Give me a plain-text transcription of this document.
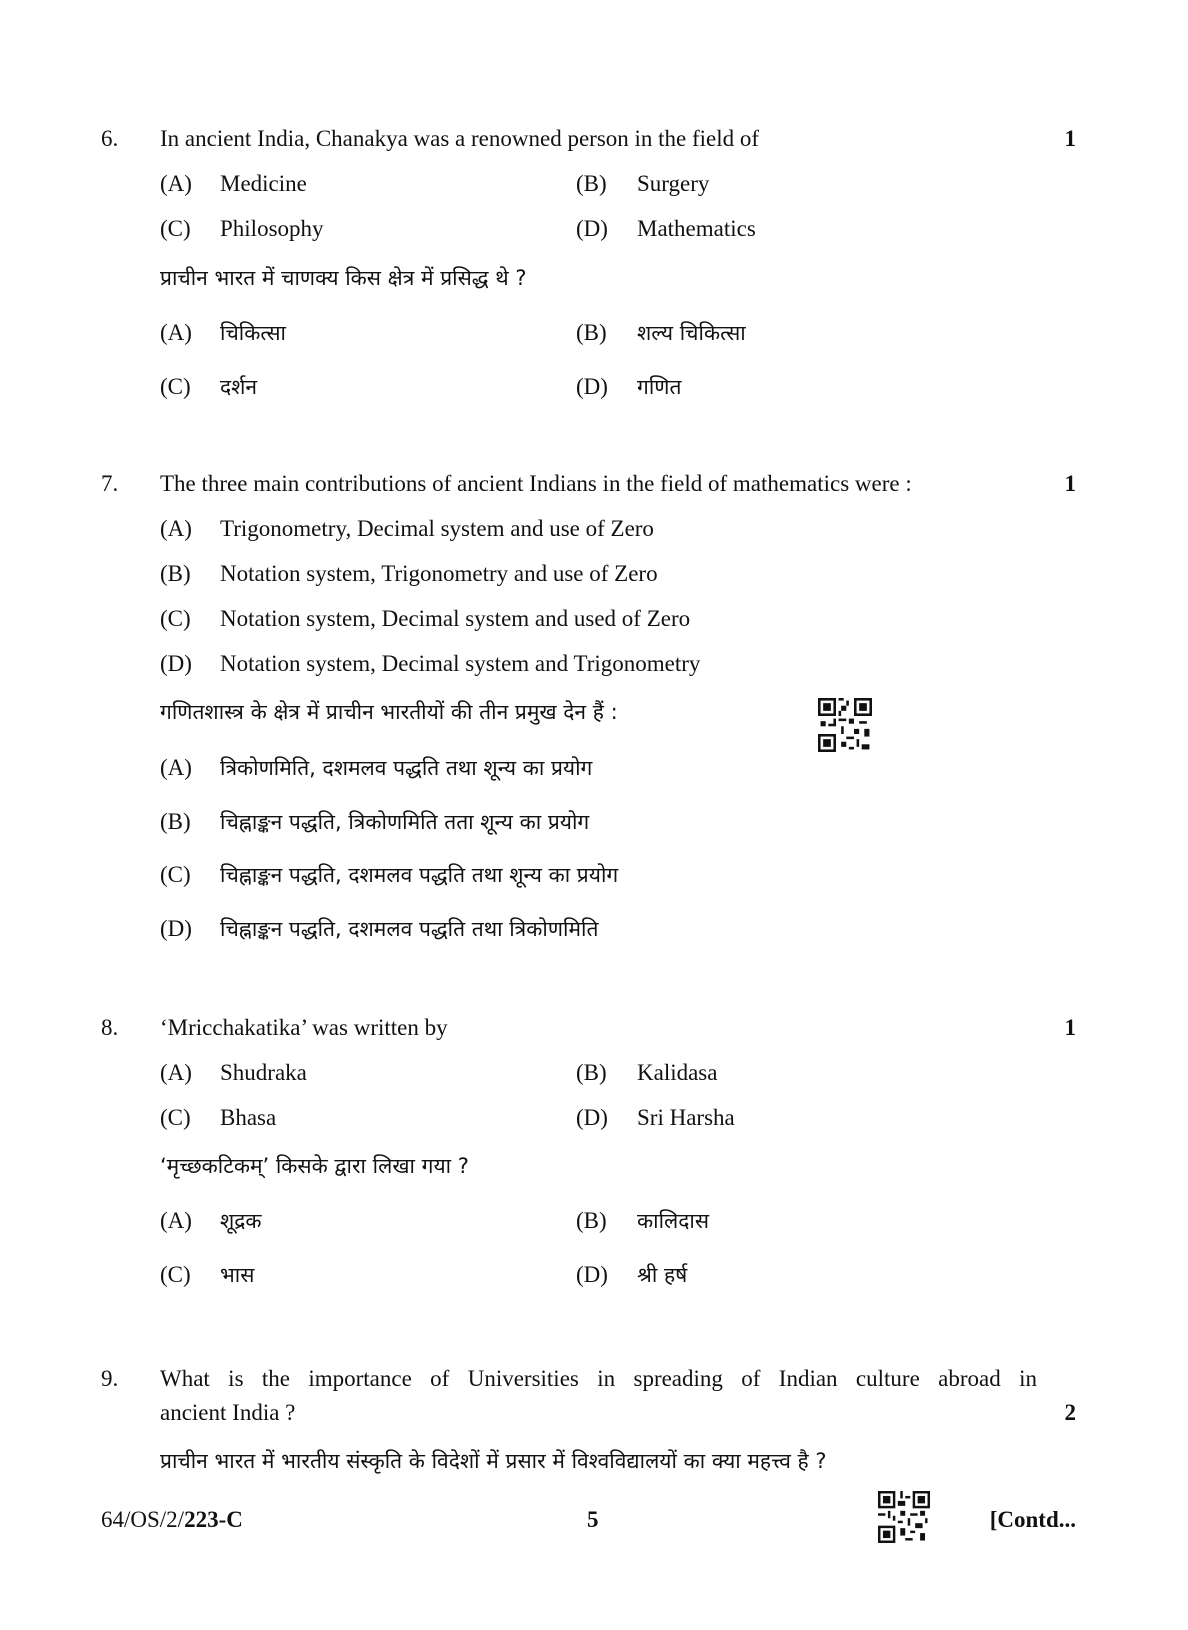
6. In ancient India, Chanakya was a renowned person in the field of	1
(A) Medicine	(B) Surgery
(C) Philosophy	(D) Mathematics
प्राचीन भारत में चाणक्य किस क्षेत्र में प्रसिद्ध थे ?
(A) चिकित्सा	(B) शल्य चिकित्सा
(C) दर्शन	(D) गणित
7. The three main contributions of ancient Indians in the field of mathematics were :	1
(A) Trigonometry, Decimal system and use of Zero
(B) Notation system, Trigonometry and use of Zero
(C) Notation system, Decimal system and used of Zero
(D) Notation system, Decimal system and Trigonometry
गणितशास्त्र के क्षेत्र में प्राचीन भारतीयों की तीन प्रमुख देन हैं :
(A) त्रिकोणमिति, दशमलव पद्धति तथा शून्य का प्रयोग
(B) चिह्नाङ्कन पद्धति, त्रिकोणमिति तता शून्य का प्रयोग
(C) चिह्नाङ्कन पद्धति, दशमलव पद्धति तथा शून्य का प्रयोग
(D) चिह्नाङ्कन पद्धति, दशमलव पद्धति तथा त्रिकोणमिति
8. ‘Mricchakatika’ was written by	1
(A) Shudraka	(B) Kalidasa
(C) Bhasa	(D) Sri Harsha
‘मृच्छकटिकम्’ किसके द्वारा लिखा गया ?
(A) शूद्रक	(B) कालिदास
(C) भास	(D) श्री हर्ष
9. What is the importance of Universities in spreading of Indian culture abroad in
ancient India ?	2
प्राचीन भारत में भारतीय संस्कृति के विदेशों में प्रसार में विश्वविद्यालयों का क्या महत्त्व है ?
64/OS/2/223-C	5	[Contd...
